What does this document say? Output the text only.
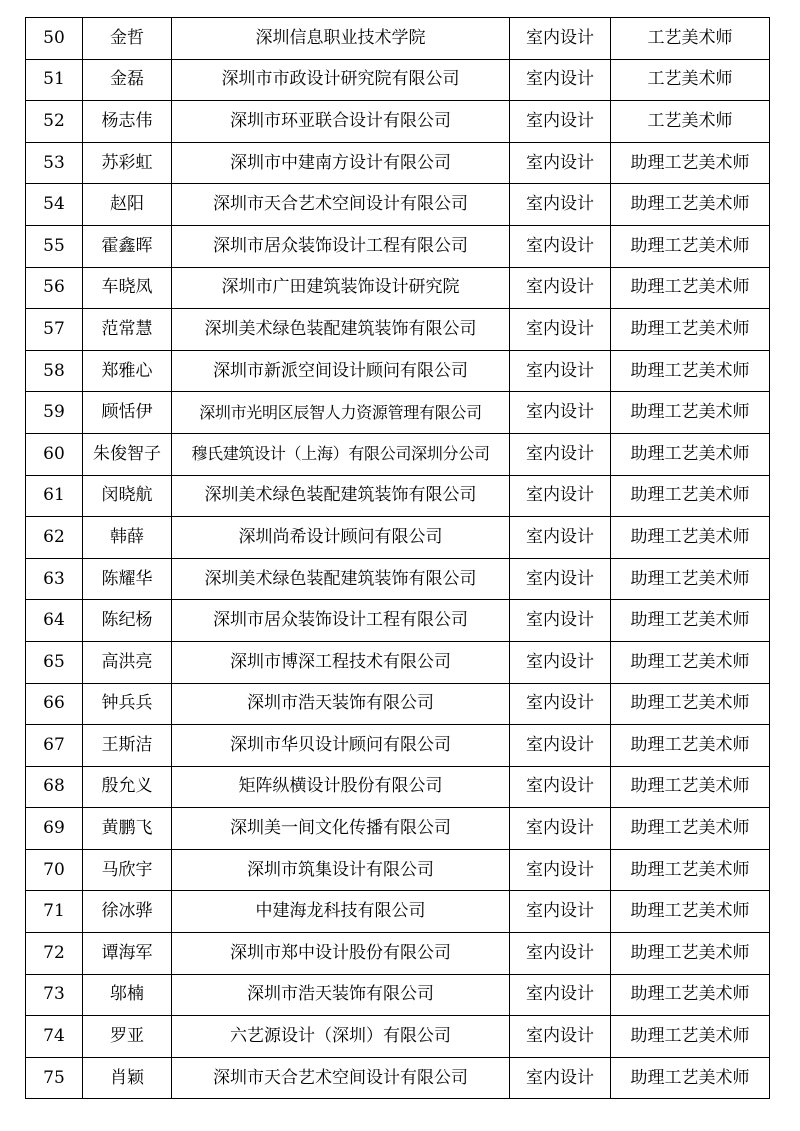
50	金哲	深圳信息职业技术学院	室内设计	工艺美术师
51	金磊	深圳市市政设计研究院有限公司	室内设计	工艺美术师
52	杨志伟	深圳市环亚联合设计有限公司	室内设计	工艺美术师
53	苏彩虹	深圳市中建南方设计有限公司	室内设计	助理工艺美术师
54	赵阳	深圳市天合艺术空间设计有限公司	室内设计	助理工艺美术师
55	霍鑫晖	深圳市居众装饰设计工程有限公司	室内设计	助理工艺美术师
56	车晓凤	深圳市广田建筑装饰设计研究院	室内设计	助理工艺美术师
57	范常慧	深圳美术绿色装配建筑装饰有限公司	室内设计	助理工艺美术师
58	郑雅心	深圳市新派空间设计顾问有限公司	室内设计	助理工艺美术师
59	顾恬伊	深圳市光明区辰智人力资源管理有限公司	室内设计	助理工艺美术师
60	朱俊智子	穆氏建筑设计（上海）有限公司深圳分公司	室内设计	助理工艺美术师
61	闵晓航	深圳美术绿色装配建筑装饰有限公司	室内设计	助理工艺美术师
62	韩薛	深圳尚希设计顾问有限公司	室内设计	助理工艺美术师
63	陈耀华	深圳美术绿色装配建筑装饰有限公司	室内设计	助理工艺美术师
64	陈纪杨	深圳市居众装饰设计工程有限公司	室内设计	助理工艺美术师
65	高洪亮	深圳市博深工程技术有限公司	室内设计	助理工艺美术师
66	钟兵兵	深圳市浩天装饰有限公司	室内设计	助理工艺美术师
67	王斯洁	深圳市华贝设计顾问有限公司	室内设计	助理工艺美术师
68	殷允义	矩阵纵横设计股份有限公司	室内设计	助理工艺美术师
69	黄鹏飞	深圳美一间文化传播有限公司	室内设计	助理工艺美术师
70	马欣宇	深圳市筑集设计有限公司	室内设计	助理工艺美术师
71	徐冰骅	中建海龙科技有限公司	室内设计	助理工艺美术师
72	谭海军	深圳市郑中设计股份有限公司	室内设计	助理工艺美术师
73	邬楠	深圳市浩天装饰有限公司	室内设计	助理工艺美术师
74	罗亚	六艺源设计（深圳）有限公司	室内设计	助理工艺美术师
75	肖颖	深圳市天合艺术空间设计有限公司	室内设计	助理工艺美术师
